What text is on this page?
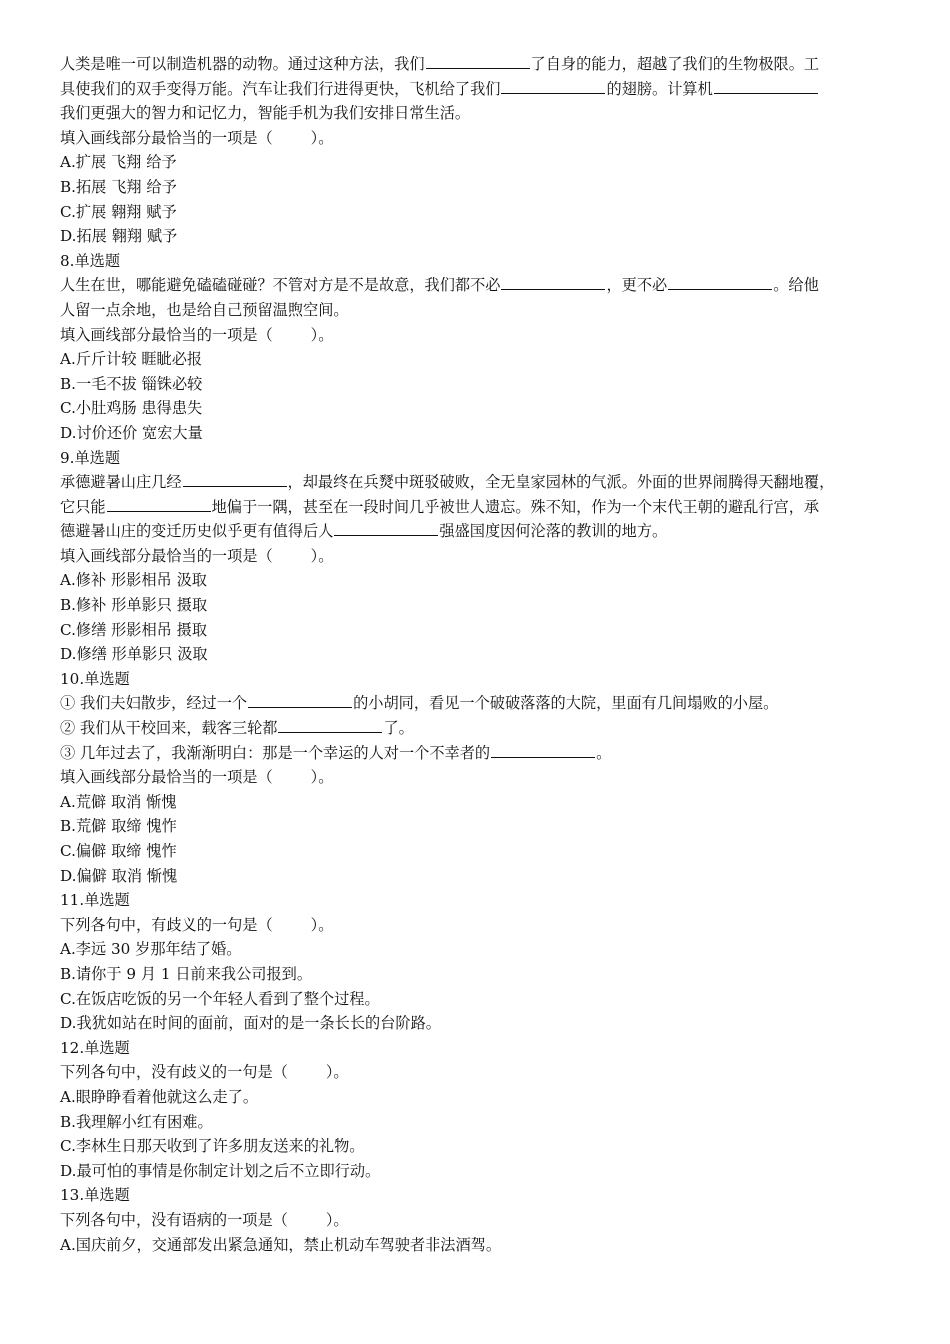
人类是唯一可以制造机器的动物。通过这种方法，我们	了自身的能力，超越了我们的生物极限。工
具使我们的双手变得万能。汽车让我们行进得更快，飞机给了我们	的翅膀。计算机
我们更强大的智力和记忆力，智能手机为我们安排日常生活。
填入画线部分最恰当的一项是（	）。
A.扩展 飞翔 给予
B.拓展 飞翔 给予
C.扩展 翱翔 赋予
D.拓展 翱翔 赋予
8.单选题
人生在世，哪能避免磕磕碰碰？不管对方是不是故意，我们都不必	，更不必	。给他
人留一点余地，也是给自己预留温煦空间。
填入画线部分最恰当的一项是（	）。
A.斤斤计较 睚眦必报
B.一毛不拔 锱铢必较
C.小肚鸡肠 患得患失
D.讨价还价 宽宏大量
9.单选题
承德避暑山庄几经	，却最终在兵燹中斑驳破败，全无皇家园林的气派。外面的世界闹腾得天翻地覆，
它只能	地偏于一隅，甚至在一段时间几乎被世人遗忘。殊不知，作为一个末代王朝的避乱行宫，承
德避暑山庄的变迁历史似乎更有值得后人	强盛国度因何沦落的教训的地方。
填入画线部分最恰当的一项是（	）。
A.修补 形影相吊 汲取
B.修补 形单影只 摄取
C.修缮 形影相吊 摄取
D.修缮 形单影只 汲取
10.单选题
① 我们夫妇散步，经过一个	的小胡同，看见一个破破落落的大院，里面有几间塌败的小屋。
② 我们从干校回来，载客三轮都	了。
③ 几年过去了，我渐渐明白：那是一个幸运的人对一个不幸者的	。
填入画线部分最恰当的一项是（	）。
A.荒僻 取消 惭愧
B.荒僻 取缔 愧怍
C.偏僻 取缔 愧怍
D.偏僻 取消 惭愧
11.单选题
下列各句中，有歧义的一句是（	）。
A.李远 30 岁那年结了婚。
B.请你于 9 月 1 日前来我公司报到。
C.在饭店吃饭的另一个年轻人看到了整个过程。
D.我犹如站在时间的面前，面对的是一条长长的台阶路。
12.单选题
下列各句中，没有歧义的一句是（	）。
A.眼睁睁看着他就这么走了。
B.我理解小红有困难。
C.李林生日那天收到了许多朋友送来的礼物。
D.最可怕的事情是你制定计划之后不立即行动。
13.单选题
下列各句中，没有语病的一项是（	）。
A.国庆前夕，交通部发出紧急通知，禁止机动车驾驶者非法酒驾。
